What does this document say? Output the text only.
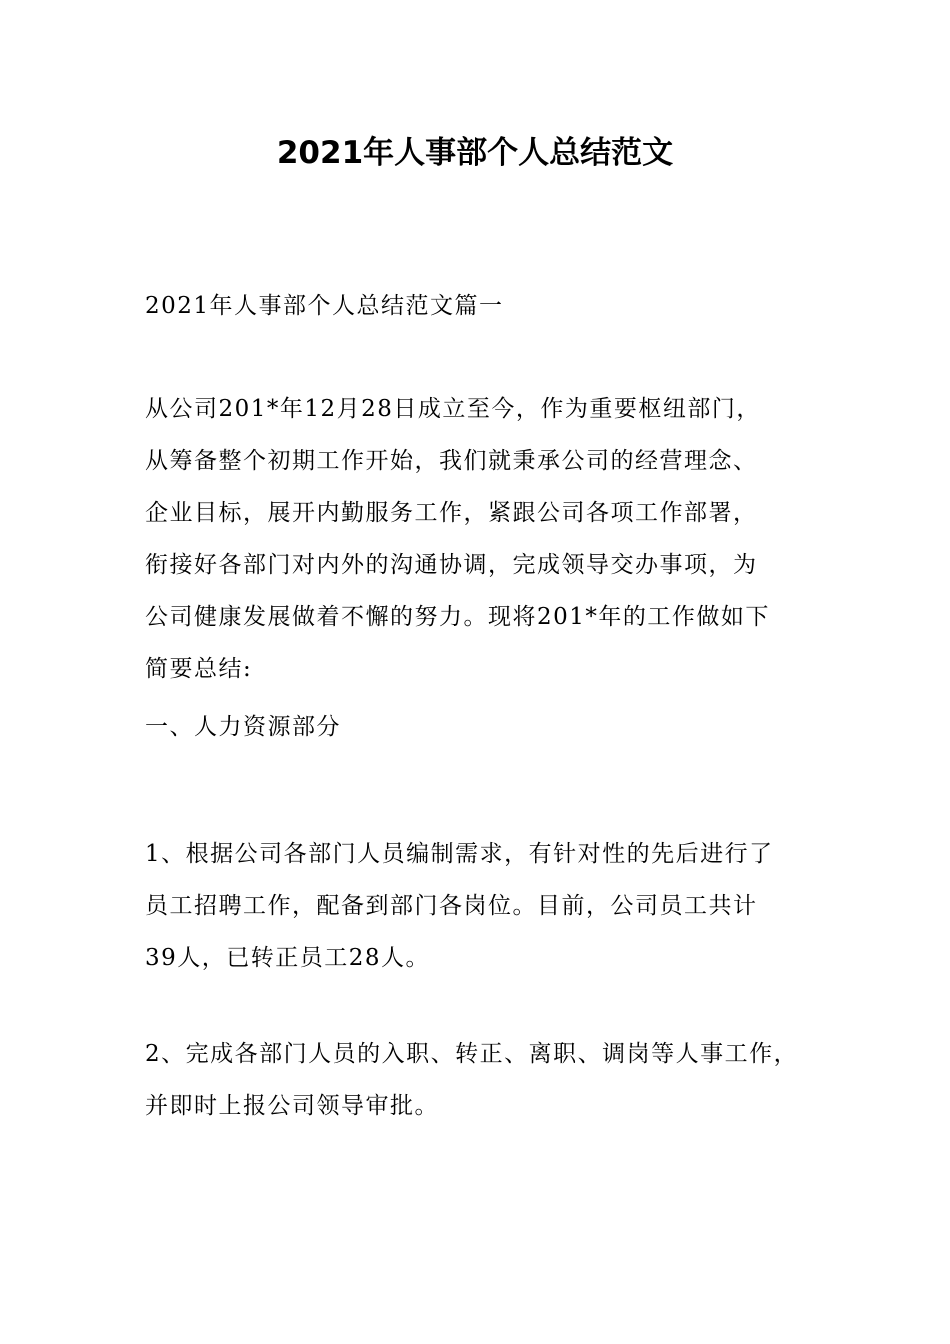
2021年人事部个人总结范文

2021年人事部个人总结范文篇一

从公司201*年12月28日成立至今，作为重要枢纽部门，
从筹备整个初期工作开始，我们就秉承公司的经营理念、
企业目标，展开内勤服务工作，紧跟公司各项工作部署，
衔接好各部门对内外的沟通协调，完成领导交办事项，为
公司健康发展做着不懈的努力。现将201*年的工作做如下
简要总结:

一、人力资源部分

1、根据公司各部门人员编制需求，有针对性的先后进行了
员工招聘工作，配备到部门各岗位。目前，公司员工共计
39人，已转正员工28人。

2、完成各部门人员的入职、转正、离职、调岗等人事工作，
并即时上报公司领导审批。
